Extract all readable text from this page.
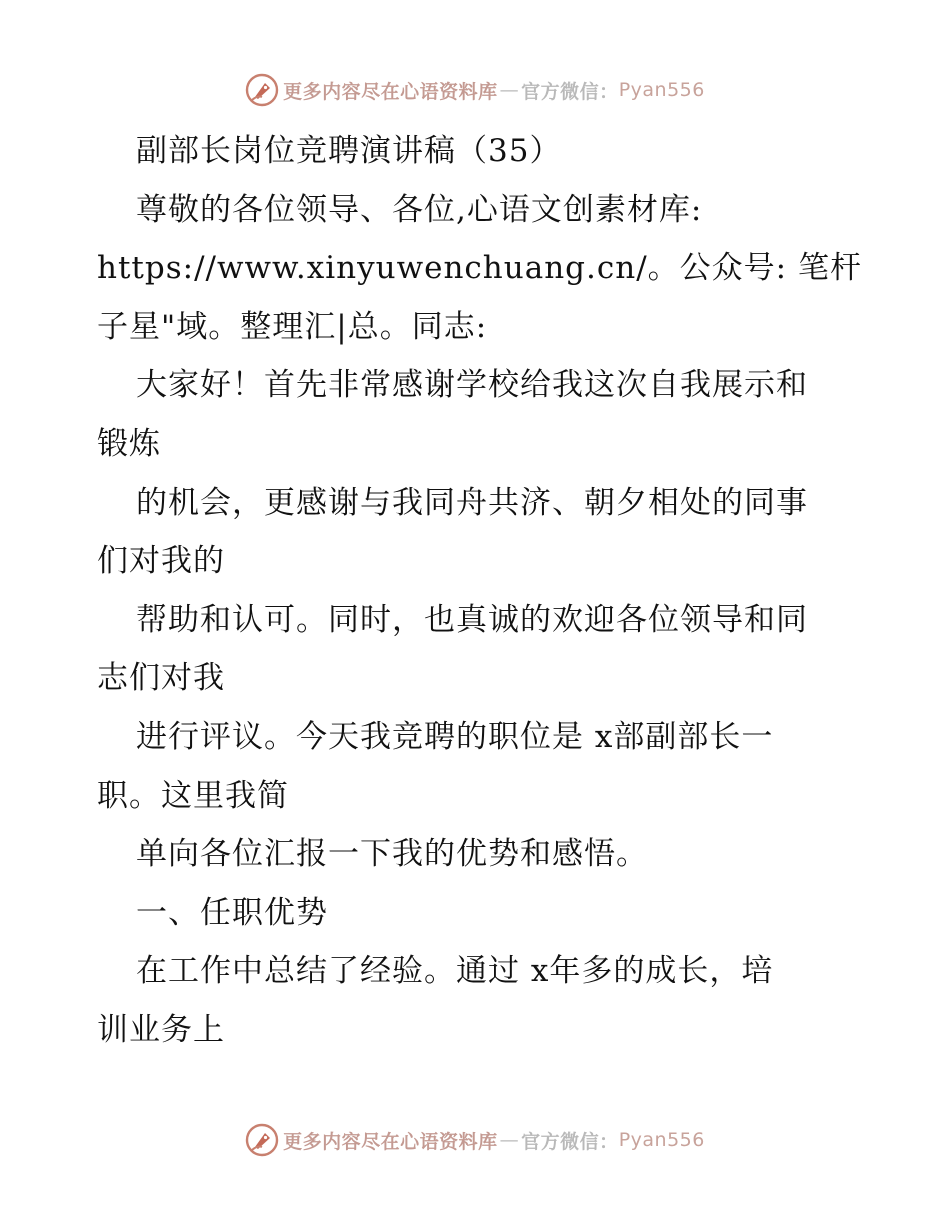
更多内容尽在心语资料库 — 官方微信： Pyan556
副部长岗位竞聘演讲稿（35）
尊敬的各位领导、各位,心语文创素材库:
https://www.xinyuwenchuang.cn/。公众号: 笔杆
子星"域。整理汇|总。同志:
大家好！首先非常感谢学校给我这次自我展示和
锻炼
的机会，更感谢与我同舟共济、朝夕相处的同事
们对我的
帮助和认可。同时，也真诚的欢迎各位领导和同
志们对我
进行评议。今天我竞聘的职位是 x部副部长一
职。这里我简
单向各位汇报一下我的优势和感悟。
一、任职优势
在工作中总结了经验。通过 x年多的成长，培
训业务上
更多内容尽在心语资料库 — 官方微信： Pyan556
